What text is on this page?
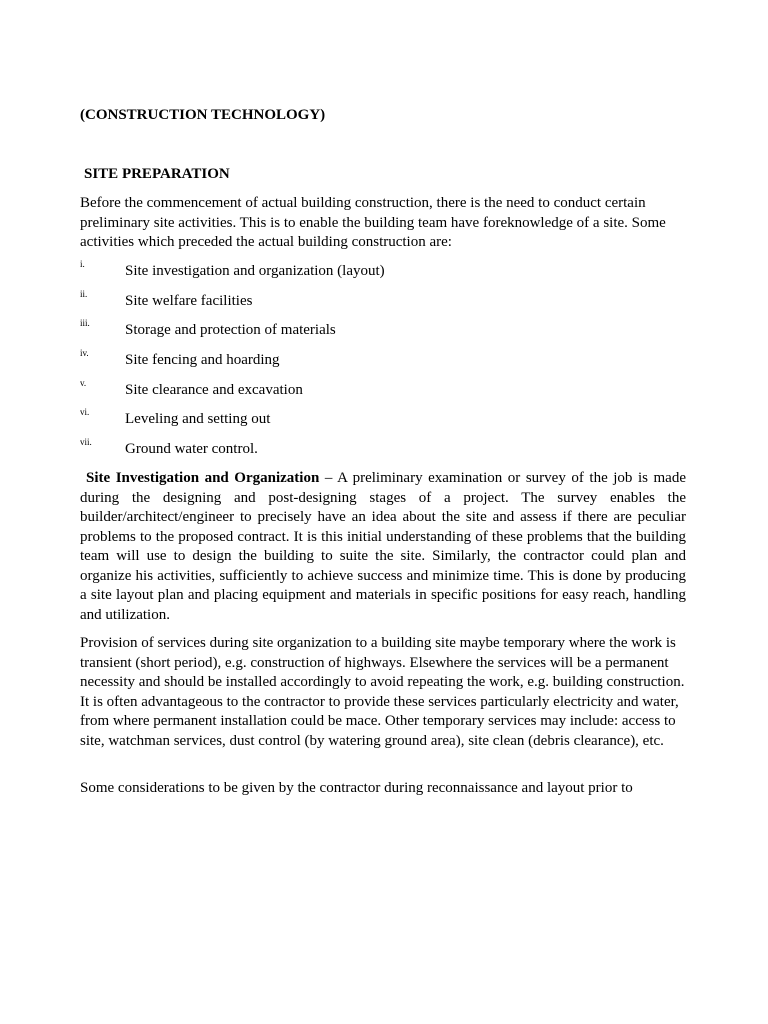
(CONSTRUCTION TECHNOLOGY)
SITE PREPARATION

Before the commencement of actual building construction, there is the need to conduct certain preliminary site activities. This is to enable the building team have foreknowledge of a site. Some activities which preceded the actual building construction are:

i.	Site investigation and organization (layout)
ii.	Site welfare facilities
iii. Storage and protection of materials
iv. Site fencing and hoarding
v.	Site clearance and excavation
vi. Leveling and setting out
vii. Ground water control.

Site Investigation and Organization – A preliminary examination or survey of the job is made during the designing and post-designing stages of a project. The survey enables the builder/architect/engineer to precisely have an idea about the site and assess if there are peculiar problems to the proposed contract. It is this initial understanding of these problems that the building team will use to design the building to suite the site. Similarly, the contractor could plan and organize his activities, sufficiently to achieve success and minimize time. This is done by producing a site layout plan and placing equipment and materials in specific positions for easy reach, handling and utilization.

Provision of services during site organization to a building site maybe temporary where the work is transient (short period), e.g. construction of highways. Elsewhere the services will be a permanent necessity and should be installed accordingly to avoid repeating the work, e.g. building construction. It is often advantageous to the contractor to provide these services particularly electricity and water, from where permanent installation could be mace. Other temporary services may include: access to site, watchman services, dust control (by watering ground area), site clean (debris clearance), etc.

Some considerations to be given by the contractor during reconnaissance and layout prior to
